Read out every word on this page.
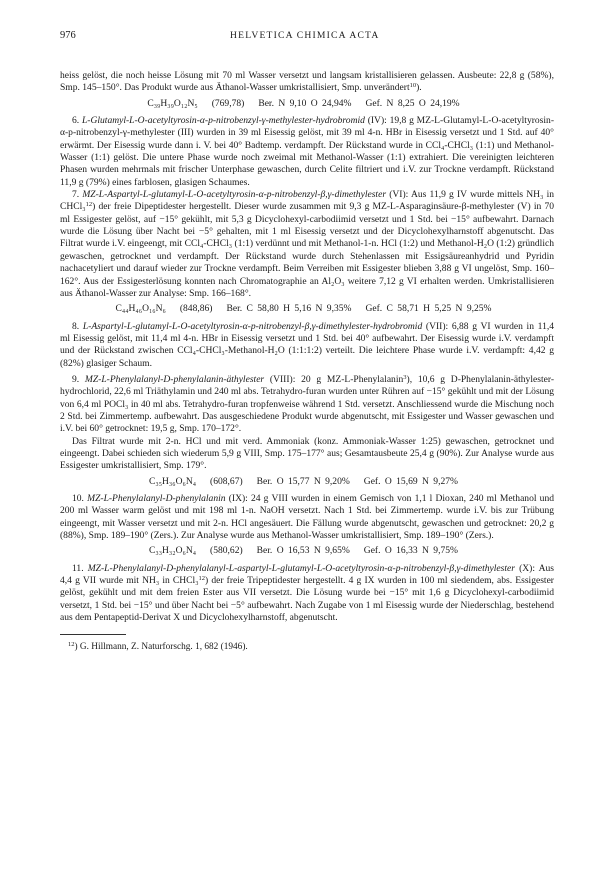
976	HELVETICA CHIMICA ACTA

heiss gelöst, die noch heisse Lösung mit 70 ml Wasser versetzt und langsam kristallisieren gelassen. Ausbeute: 22,8 g (58%), Smp. 145–150°. Das Produkt wurde aus Äthanol-Wasser umkristallisiert, Smp. unverändert$^{10}$).

C₃₉H₃₉O₁₂N₅ (769,78) Ber. N 9,10 O 24,94% Gef. N 8,25 O 24,19%

6. L-Glutamyl-L-O-acetyltyrosin-α-p-nitrobenzyl-γ-methylester-hydrobromid (IV): 19,8 g MZ-L-Glutamyl-L-O-acetyltyrosin-α-p-nitrobenzyl-γ-methylester (III) wurden in 39 ml Eisessig gelöst, mit 39 ml 4-n. HBr in Eisessig versetzt und 1 Std. auf 40° erwärmt. Der Eisessig wurde dann i. V. bei 40° Badtemp. verdampft. Der Rückstand wurde in CCl₄-CHCl₃ (1:1) und Methanol-Wasser (1:1) gelöst. Die untere Phase wurde noch zweimal mit Methanol-Wasser (1:1) extrahiert. Die vereinigten leichteren Phasen wurden mehrmals mit frischer Unterphase gewaschen, durch Celite filtriert und i.V. zur Trockne verdampft. Rückstand 11,9 g (79%) eines farblosen, glasigen Schaumes.

7. MZ-L-Aspartyl-L-glutamyl-L-O-acetyltyrosin-α-p-nitrobenzyl-β,γ-dimethylester (VI): Aus 11,9 g IV wurde mittels NH₃ in CHCl₃$^{12}$) der freie Dipeptidester hergestellt. Dieser wurde zusammen mit 9,3 g MZ-L-Asparaginsäure-β-methylester (V) in 70 ml Essigester gelöst, auf −15° gekühlt, mit 5,3 g Dicyclohexyl-carbodiimid versetzt und 1 Std. bei −15° aufbewahrt. Darnach wurde die Lösung über Nacht bei −5° gehalten, mit 1 ml Eisessig versetzt und der Dicyclohexylharnstoff abgenutscht. Das Filtrat wurde i.V. eingeengt, mit CCl₄-CHCl₃ (1:1) verdünnt und mit Methanol-1-n. HCl (1:2) und Methanol-H₂O (1:2) gründlich gewaschen, getrocknet und verdampft. Der Rückstand wurde durch Stehenlassen mit Essigsäureanhydrid und Pyridin nachacetyliert und darauf wieder zur Trockne verdampft. Beim Verreiben mit Essigester blieben 3,88 g VI ungelöst, Smp. 160–162°. Aus der Essigesterlösung konnten nach Chromatographie an Al₂O₃ weitere 7,12 g VI erhalten werden. Umkristallisieren aus Äthanol-Wasser zur Analyse: Smp. 166–168°.

C₄₄H₄₆O₁₆N₆ (848,86) Ber. C 58,80 H 5,16 N 9,35% Gef. C 58,71 H 5,25 N 9,25%

8. L-Aspartyl-L-glutamyl-L-O-acetyltyrosin-α-p-nitrobenzyl-β,γ-dimethylester-hydrobromid (VII): 6,88 g VI wurden in 11,4 ml Eisessig gelöst, mit 11,4 ml 4-n. HBr in Eisessig versetzt und 1 Std. bei 40° aufbewahrt. Der Eisessig wurde i.V. verdampft und der Rückstand zwischen CCl₄-CHCl₃-Methanol-H₂O (1:1:1:2) verteilt. Die leichtere Phase wurde i.V. verdampft: 4,42 g (82%) glasiger Schaum.

9. MZ-L-Phenylalanyl-D-phenylalanin-äthylester (VIII): 20 g MZ-L-Phenylalanin$^3$), 10,6 g D-Phenylalanin-äthylester-hydrochlorid, 22,6 ml Triäthylamin und 240 ml abs. Tetrahydro-furan wurden unter Rühren auf −15° gekühlt und mit der Lösung von 6,4 ml POCl₃ in 40 ml abs. Tetrahydro-furan tropfenweise während 1 Std. versetzt. Anschliessend wurde die Mischung noch 2 Std. bei Zimmertemp. aufbewahrt. Das ausgeschiedene Produkt wurde abgenutscht, mit Essigester und Wasser gewaschen und i.V. bei 60° getrocknet: 19,5 g, Smp. 170–172°.

Das Filtrat wurde mit 2-n. HCl und mit verd. Ammoniak (konz. Ammoniak-Wasser 1:25) gewaschen, getrocknet und eingeengt. Dabei schieden sich wiederum 5,9 g VIII, Smp. 175–177° aus; Gesamtausbeute 25,4 g (90%). Zur Analyse wurde aus Essigester umkristallisiert, Smp. 179°.

C₃₅H₃₆O₆N₄ (608,67) Ber. O 15,77 N 9,20% Gef. O 15,69 N 9,27%

10. MZ-L-Phenylalanyl-D-phenylalanin (IX): 24 g VIII wurden in einem Gemisch von 1,1 l Dioxan, 240 ml Methanol und 200 ml Wasser warm gelöst und mit 198 ml 1-n. NaOH versetzt. Nach 1 Std. bei Zimmertemp. wurde i.V. bis zur Trübung eingeengt, mit Wasser versetzt und mit 2-n. HCl angesäuert. Die Fällung wurde abgenutscht, gewaschen und getrocknet: 20,2 g (88%), Smp. 189–190° (Zers.). Zur Analyse wurde aus Methanol-Wasser umkristallisiert, Smp. 189–190° (Zers.).

C₃₃H₃₂O₆N₄ (580,62) Ber. O 16,53 N 9,65% Gef. O 16,33 N 9,75%

11. MZ-L-Phenylalanyl-D-phenylalanyl-L-aspartyl-L-glutamyl-L-O-acetyltyrosin-α-p-nitrobenzyl-β,γ-dimethylester (X): Aus 4,4 g VII wurde mit NH₃ in CHCl₃$^{12}$) der freie Tripeptidester hergestellt. 4 g IX wurden in 100 ml siedendem, abs. Essigester gelöst, gekühlt und mit dem freien Ester aus VII versetzt. Die Lösung wurde bei −15° mit 1,6 g Dicyclohexyl-carbodiimid versetzt, 1 Std. bei −15° und über Nacht bei −5° aufbewahrt. Nach Zugabe von 1 ml Eisessig wurde der Niederschlag, bestehend aus dem Pentapeptid-Derivat X und Dicyclohexylharnstoff, abgenutscht.

$^{12}$) G. Hillmann, Z. Naturforschg. 1, 682 (1946).
